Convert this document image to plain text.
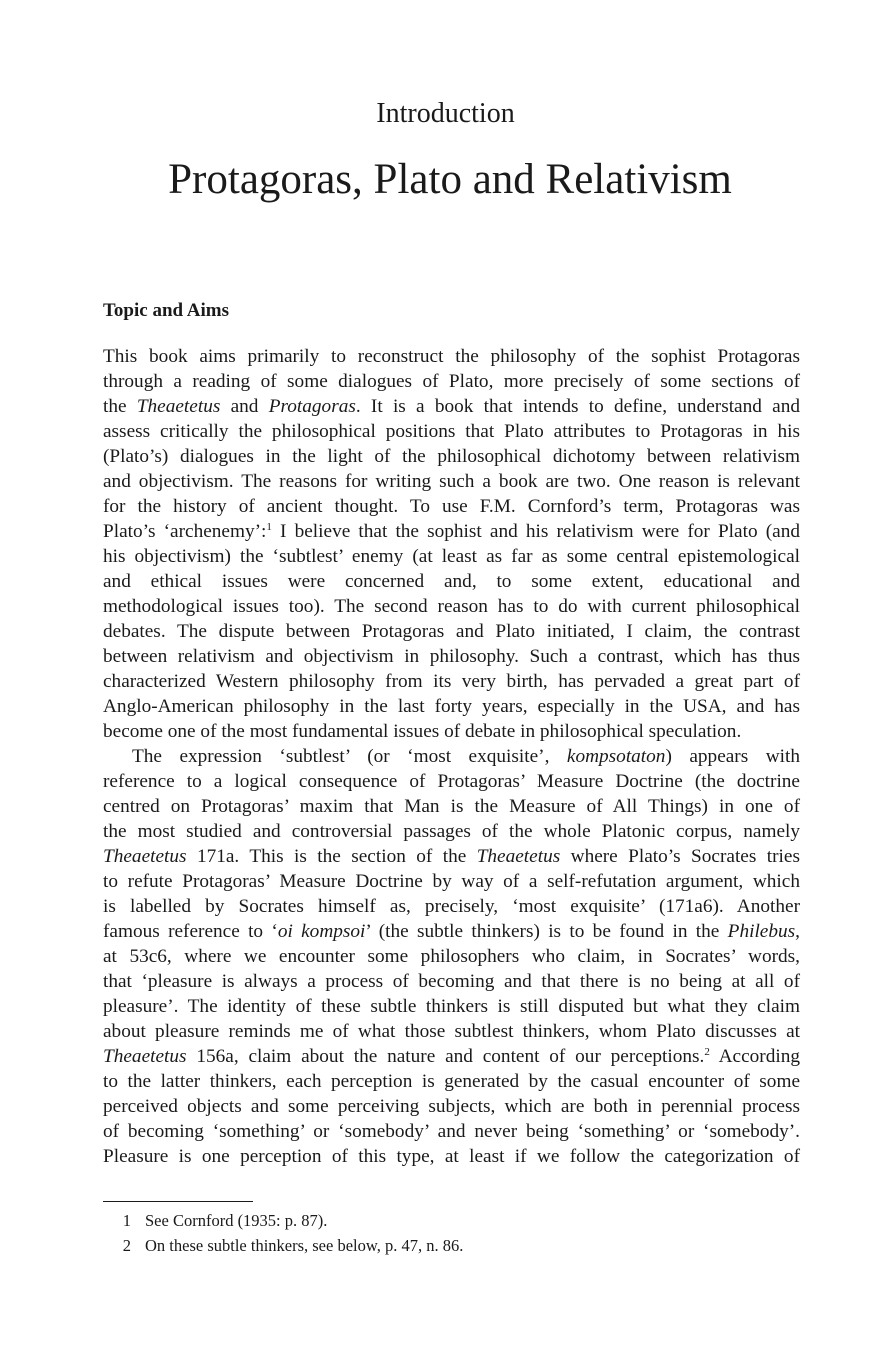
Introduction
Protagoras, Plato and Relativism
Topic and Aims
This book aims primarily to reconstruct the philosophy of the sophist Protagoras
through a reading of some dialogues of Plato, more precisely of some sections of
the Theaetetus and Protagoras. It is a book that intends to define, understand and
assess critically the philosophical positions that Plato attributes to Protagoras in his
(Plato’s) dialogues in the light of the philosophical dichotomy between relativism
and objectivism. The reasons for writing such a book are two. One reason is relevant
for the history of ancient thought. To use F.M. Cornford’s term, Protagoras was
Plato’s ‘archenemy’:$^1$ I believe that the sophist and his relativism were for Plato (and
his objectivism) the ‘subtlest’ enemy (at least as far as some central epistemological
and ethical issues were concerned and, to some extent, educational and
methodological issues too). The second reason has to do with current philosophical
debates. The dispute between Protagoras and Plato initiated, I claim, the contrast
between relativism and objectivism in philosophy. Such a contrast, which has thus
characterized Western philosophy from its very birth, has pervaded a great part of
Anglo-American philosophy in the last forty years, especially in the USA, and has
become one of the most fundamental issues of debate in philosophical speculation.
The expression ‘subtlest’ (or ‘most exquisite’, kompsotaton) appears with
reference to a logical consequence of Protagoras’ Measure Doctrine (the doctrine
centred on Protagoras’ maxim that Man is the Measure of All Things) in one of
the most studied and controversial passages of the whole Platonic corpus, namely
Theaetetus 171a. This is the section of the Theaetetus where Plato’s Socrates tries
to refute Protagoras’ Measure Doctrine by way of a self-refutation argument, which
is labelled by Socrates himself as, precisely, ‘most exquisite’ (171a6). Another
famous reference to ‘oi kompsoi’ (the subtle thinkers) is to be found in the Philebus,
at 53c6, where we encounter some philosophers who claim, in Socrates’ words,
that ‘pleasure is always a process of becoming and that there is no being at all of
pleasure’. The identity of these subtle thinkers is still disputed but what they claim
about pleasure reminds me of what those subtlest thinkers, whom Plato discusses at
Theaetetus 156a, claim about the nature and content of our perceptions.$^2$ According
to the latter thinkers, each perception is generated by the casual encounter of some
perceived objects and some perceiving subjects, which are both in perennial process
of becoming ‘something’ or ‘somebody’ and never being ‘something’ or ‘somebody’.
Pleasure is one perception of this type, at least if we follow the categorization of
1 See Cornford (1935: p. 87).
2 On these subtle thinkers, see below, p. 47, n. 86.
